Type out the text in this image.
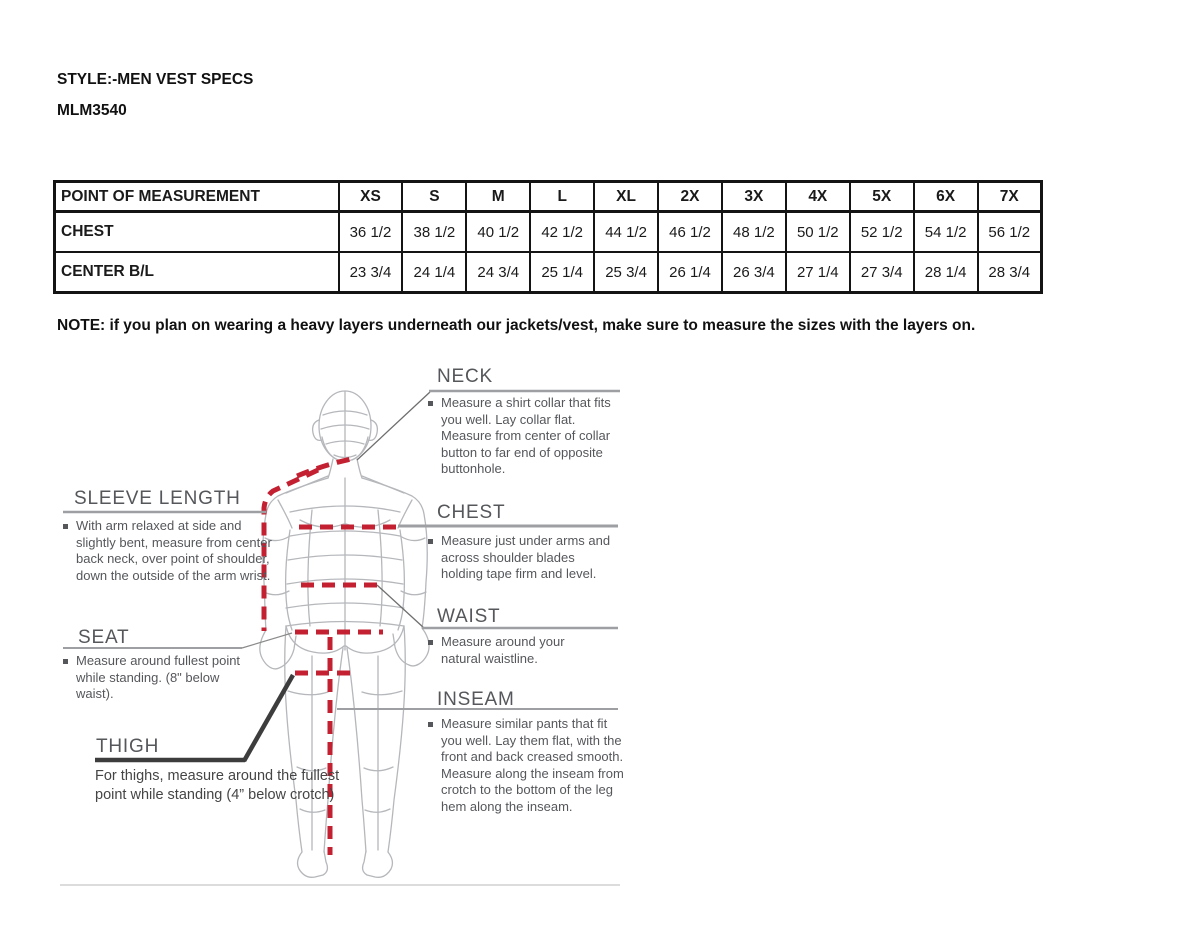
STYLE:-MEN VEST SPECS
MLM3540
POINT OF MEASUREMENT	XS	S	M	L	XL	2X	3X	4X	5X	6X	7X
CHEST	36 1/2	38 1/2	40 1/2	42 1/2	44 1/2	46 1/2	48 1/2	50 1/2	52 1/2	54 1/2	56 1/2
CENTER B/L	23 3/4	24 1/4	24 3/4	25 1/4	25 3/4	26 1/4	26 3/4	27 1/4	27 3/4	28 1/4	28 3/4
NOTE: if you plan on wearing a heavy layers underneath our jackets/vest, make sure to measure the sizes with the layers on.
SLEEVE LENGTH

With arm relaxed at side and slightly bent, measure from center back neck, over point of shoulder, down the outside of the arm wrist.

SEAT

Measure around fullest point while standing. (8" below waist).

THIGH

For thighs, measure around the fullest point while standing (4” below crotch)

NECK

Measure a shirt collar that fits you well. Lay collar flat. Measure from center of collar button to far end of opposite buttonhole.

CHEST

Measure just under arms and across shoulder blades holding tape firm and level.

WAIST

Measure around your natural waistline.

INSEAM

Measure similar pants that fit you well. Lay them flat, with the front and back creased smooth. Measure along the inseam from crotch to the bottom of the leg hem along the inseam.
